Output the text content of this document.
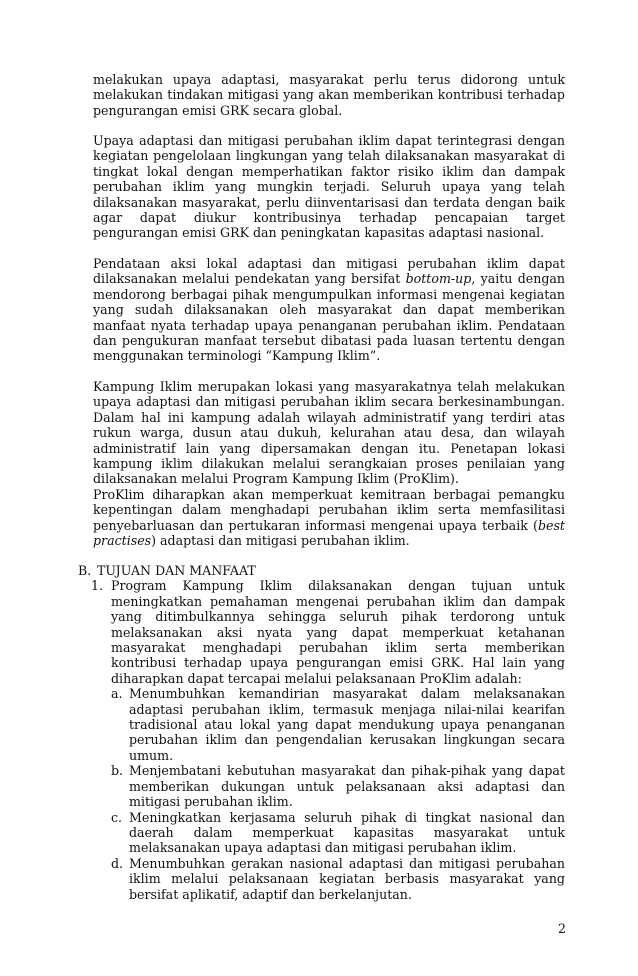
melakukan upaya adaptasi, masyarakat perlu terus didorong untuk melakukan tindakan mitigasi yang akan memberikan kontribusi terhadap pengurangan emisi GRK secara global.

Upaya adaptasi dan mitigasi perubahan iklim dapat terintegrasi dengan kegiatan pengelolaan lingkungan yang telah dilaksanakan masyarakat di tingkat lokal dengan memperhatikan faktor risiko iklim dan dampak perubahan iklim yang mungkin terjadi. Seluruh upaya yang telah dilaksanakan masyarakat, perlu diinventarisasi dan terdata dengan baik agar dapat diukur kontribusinya terhadap pencapaian target pengurangan emisi GRK dan peningkatan kapasitas adaptasi nasional.

Pendataan aksi lokal adaptasi dan mitigasi perubahan iklim dapat dilaksanakan melalui pendekatan yang bersifat bottom-up, yaitu dengan mendorong berbagai pihak mengumpulkan informasi mengenai kegiatan yang sudah dilaksanakan oleh masyarakat dan dapat memberikan manfaat nyata terhadap upaya penanganan perubahan iklim. Pendataan dan pengukuran manfaat tersebut dibatasi pada luasan tertentu dengan menggunakan terminologi “Kampung Iklim”.

Kampung Iklim merupakan lokasi yang masyarakatnya telah melakukan upaya adaptasi dan mitigasi perubahan iklim secara berkesinambungan. Dalam hal ini kampung adalah wilayah administratif yang terdiri atas rukun warga, dusun atau dukuh, kelurahan atau desa, dan wilayah administratif lain yang dipersamakan dengan itu. Penetapan lokasi kampung iklim dilakukan melalui serangkaian proses penilaian yang dilaksanakan melalui Program Kampung Iklim (ProKlim).

ProKlim diharapkan akan memperkuat kemitraan berbagai pemangku kepentingan dalam menghadapi perubahan iklim serta memfasilitasi penyebarluasan dan pertukaran informasi mengenai upaya terbaik (best practises) adaptasi dan mitigasi perubahan iklim.

B. TUJUAN DAN MANFAAT

1. Program Kampung Iklim dilaksanakan dengan tujuan untuk meningkatkan pemahaman mengenai perubahan iklim dan dampak yang ditimbulkannya sehingga seluruh pihak terdorong untuk melaksanakan aksi nyata yang dapat memperkuat ketahanan masyarakat menghadapi perubahan iklim serta memberikan kontribusi terhadap upaya pengurangan emisi GRK. Hal lain yang diharapkan dapat tercapai melalui pelaksanaan ProKlim adalah:
a. Menumbuhkan kemandirian masyarakat dalam melaksanakan adaptasi perubahan iklim, termasuk menjaga nilai-nilai kearifan tradisional atau lokal yang dapat mendukung upaya penanganan perubahan iklim dan pengendalian kerusakan lingkungan secara umum.
b. Menjembatani kebutuhan masyarakat dan pihak-pihak yang dapat memberikan dukungan untuk pelaksanaan aksi adaptasi dan mitigasi perubahan iklim.
c. Meningkatkan kerjasama seluruh pihak di tingkat nasional dan daerah dalam memperkuat kapasitas masyarakat untuk melaksanakan upaya adaptasi dan mitigasi perubahan iklim.
d. Menumbuhkan gerakan nasional adaptasi dan mitigasi perubahan iklim melalui pelaksanaan kegiatan berbasis masyarakat yang bersifat aplikatif, adaptif dan berkelanjutan.
2
